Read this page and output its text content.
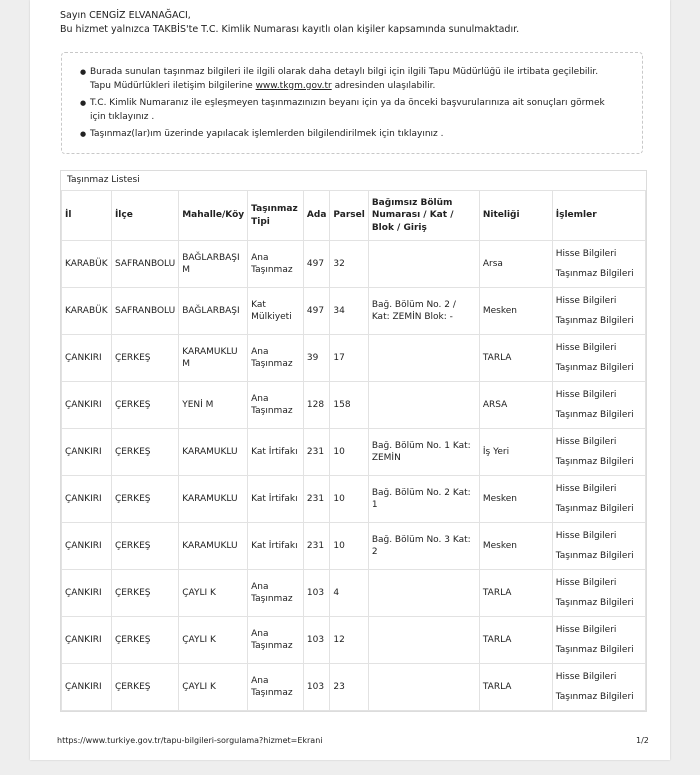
Sayın CENGİZ ELVANAĞACI,
Bu hizmet yalnızca TAKBİS'te T.C. Kimlik Numarası kayıtlı olan kişiler kapsamında sunulmaktadır.
● Burada sunulan taşınmaz bilgileri ile ilgili olarak daha detaylı bilgi için ilgili Tapu Müdürlüğü ile irtibata geçilebilir. Tapu Müdürlükleri iletişim bilgilerine www.tkgm.gov.tr adresinden ulaşılabilir.
● T.C. Kimlik Numaranız ile eşleşmeyen taşınmazınızın beyanı için ya da önceki başvurularınıza ait sonuçları görmek için tıklayınız .
● Taşınmaz(lar)ım üzerinde yapılacak işlemlerden bilgilendirilmek için tıklayınız .
Taşınmaz Listesi
İl	İlçe	Mahalle/Köy	Taşınmaz Tipi	Ada	Parsel	Bağımsız Bölüm Numarası / Kat / Blok / Giriş	Niteliği	İşlemler
KARABÜK	SAFRANBOLU	BAĞLARBAŞI M	Ana Taşınmaz	497	32		Arsa	Hisse Bilgileri
Taşınmaz Bilgileri

KARABÜK	SAFRANBOLU	BAĞLARBAŞI	Kat Mülkiyeti	497	34	Bağ. Bölüm No. 2 / Kat: ZEMİN Blok: -	Mesken	Hisse Bilgileri
Taşınmaz Bilgileri

ÇANKIRI	ÇERKEŞ	KARAMUKLU M	Ana Taşınmaz	39	17		TARLA	Hisse Bilgileri
Taşınmaz Bilgileri

ÇANKIRI	ÇERKEŞ	YENİ M	Ana Taşınmaz	128	158		ARSA	Hisse Bilgileri
Taşınmaz Bilgileri

ÇANKIRI	ÇERKEŞ	KARAMUKLU	Kat İrtifakı	231	10	Bağ. Bölüm No. 1 Kat: ZEMİN	İş Yeri	Hisse Bilgileri
Taşınmaz Bilgileri

ÇANKIRI	ÇERKEŞ	KARAMUKLU	Kat İrtifakı	231	10	Bağ. Bölüm No. 2 Kat: 1	Mesken	Hisse Bilgileri
Taşınmaz Bilgileri

ÇANKIRI	ÇERKEŞ	KARAMUKLU	Kat İrtifakı	231	10	Bağ. Bölüm No. 3 Kat: 2	Mesken	Hisse Bilgileri
Taşınmaz Bilgileri

ÇANKIRI	ÇERKEŞ	ÇAYLI K	Ana Taşınmaz	103	4		TARLA	Hisse Bilgileri
Taşınmaz Bilgileri

ÇANKIRI	ÇERKEŞ	ÇAYLI K	Ana Taşınmaz	103	12		TARLA	Hisse Bilgileri
Taşınmaz Bilgileri

ÇANKIRI	ÇERKEŞ	ÇAYLI K	Ana Taşınmaz	103	23		TARLA	Hisse Bilgileri
Taşınmaz Bilgileri
https://www.turkiye.gov.tr/tapu-bilgileri-sorgulama?hizmet=Ekrani	1/2
